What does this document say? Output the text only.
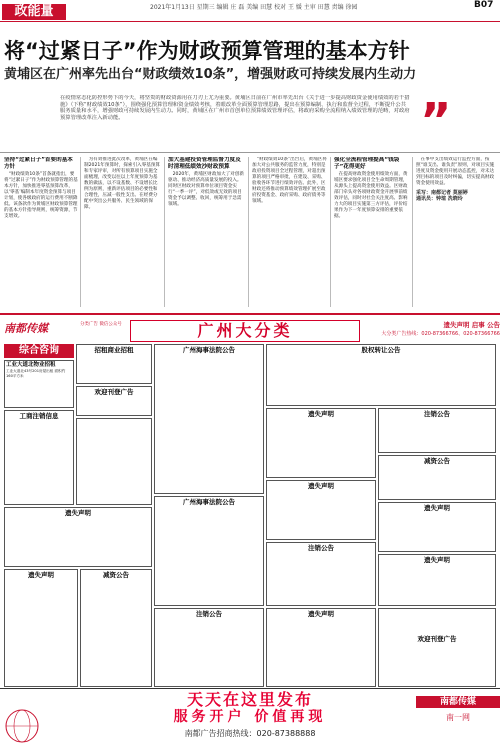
政能量	2021年1月13日 星期三 编辑 庄 磊 美编 田慧 校对 王 媛 主审 田慧 责编 徐园	B07
将“过紧日子”作为财政预算管理的基本方针
黄埔区在广州率先出台“财政绩效10条”，增强财政可持续发展内生动力
在疫情常态化防控形势下的今天，将坚贵的财政资源用在刀刃上尤为重要。黄埔区日前在广州市率先出台《关于进一步提高财政资金使用绩效的若干措施》（下称“财政绩效10条”），围绕强化预算管理和资金绩效考核，着眼改革全面预算管理思路，提出在预算编制、执行和监督全过程，不断提升公共服务质量和水平，增强财政可持续发展内生动力。同时，黄埔区在广州市首创单位预算绩效管理评估，将政府采购全流程纳入绩效管理的范畴，对政府预算管理改革注入新动能。	”
坚持“过紧日子”首要的基本方针

“财政绩效10条”首条就指出，要将“过紧日子”作为财政预算管理的基本方针，加快推进零基预算改革，以‘零基’编制本年度资金预算与项目计划，使各级政府的运行费用不断降低。该条款作为黄埔区财政预算管理的基本方针指导规则，统筹资源，节支增效。

为有效推进此次改革，黄埔区在编制2021年预算时，探索引入零基预算和专家评审，对所有预算项目实施全面梳理，改变以往以上年度预算为基数的做法，以不设基数、不设增长比例为原则，重新评估项目的必要性和合理性，压减一般性支出。在经费分配中突出公共服务、民生领域的保障。

加大基建投资管理监督力度及时清理低绩效沙财政预算

2020年，黄埔区财政加大了对创新驱动、推动经济高质量发展的投入。同时区财政对预算单位项目资金实行“一季一评”，对低效或无效的项目资金予以调整、收回，统筹用于急需领域。

“财政绩效10条”出台后，黄埔区将加大对公共服务的监管力度，特别是政府投资项目全过程管理，对超出预算的项目严格审批，在建设、采购、验收各环节进行绩效评估。此外，区财政还将推动预算绩效管理扩展至政府投资基金、政府采购、政府债务等领域。

强化全流程管理提高“钱袋子”花得更好

在提高财政资金使用绩效方面，黄埔区要求强化项目全生命周期管理，从源头上提高资金使用效益。区财政部门牵头对各项财政资金开展事前绩效评估，同时对社会关注度高、影响力大的项目实施第三方评估，评价结果作为下一年度预算安排的重要依据。

在事中支出绩效运行监控方面，按照“谁支出、谁负责”原则，对项目实施进度及资金使用开展动态监控，对未达到目标的项目及时纠偏，切实提高财政资金使用效益。

采写：南都记者 莫丽婷
通讯员：钟瑄 冼晓玲
南都传媒	分类广告 微信公众号	广州大分类	遗失声明 启事 公告
大分类广告热线：020-87366766、020-87366766
综合咨询
工业大道北物业招租
工业大道北43号201房屋出租 面积约160平方米
工商注销信息
招租商业招租
欢迎刊登广告
广州海事法院公告
广州海事法院公告
股权转让公告
遗失声明	注销公告
减资公告
遗失声明
遗失声明
注销公告
遗失声明
遗失声明
遗失声明	减资公告
注销公告	遗失声明
欢迎刊登广告
天天在这里发布
服务开户 价值再现
南都广告招商热线：020-87388888
南都传媒
南一网
